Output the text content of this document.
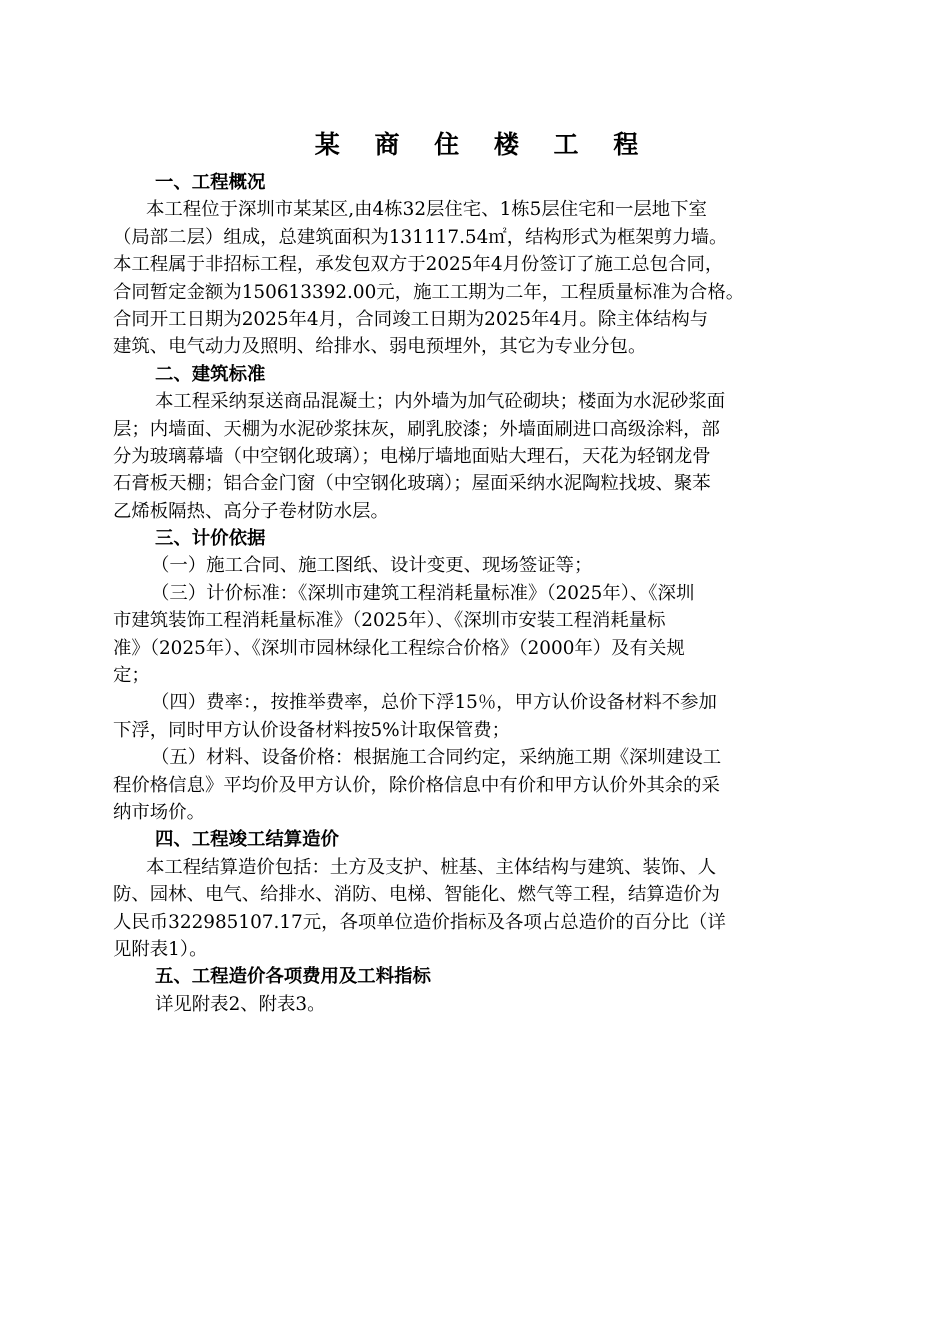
某 商 住 楼 工 程
一、工程概况
本工程位于深圳市某某区,由4栋32层住宅、1栋5层住宅和一层地下室
（局部二层）组成，总建筑面积为131117.54㎡，结构形式为框架剪力墙。
本工程属于非招标工程，承发包双方于2025年4月份签订了施工总包合同，
合同暂定金额为150613392.00元，施工工期为二年，工程质量标准为合格。
合同开工日期为2025年4月，合同竣工日期为2025年4月。除主体结构与
建筑、电气动力及照明、给排水、弱电预埋外，其它为专业分包。
二、建筑标准
本工程采纳泵送商品混凝土；内外墙为加气砼砌块；楼面为水泥砂浆面
层；内墙面、天棚为水泥砂浆抹灰，刷乳胶漆；外墙面刷进口高级涂料，部
分为玻璃幕墙（中空钢化玻璃）；电梯厅墙地面贴大理石，天花为轻钢龙骨
石膏板天棚；铝合金门窗（中空钢化玻璃）；屋面采纳水泥陶粒找坡、聚苯
乙烯板隔热、高分子卷材防水层。
三、计价依据
（一）施工合同、施工图纸、设计变更、现场签证等；
（三）计价标准：《深圳市建筑工程消耗量标准》（2025年）、《深圳
市建筑装饰工程消耗量标准》（2025年）、《深圳市安装工程消耗量标
准》（2025年）、《深圳市园林绿化工程综合价格》（2000年）及有关规
定；
（四）费率：，按推举费率，总价下浮15％，甲方认价设备材料不参加
下浮，同时甲方认价设备材料按5%计取保管费；
（五）材料、设备价格：根据施工合同约定，采纳施工期《深圳建设工
程价格信息》平均价及甲方认价，除价格信息中有价和甲方认价外其余的采
纳市场价。
四、工程竣工结算造价
本工程结算造价包括：土方及支护、桩基、主体结构与建筑、装饰、人
防、园林、电气、给排水、消防、电梯、智能化、燃气等工程，结算造价为
人民币322985107.17元，各项单位造价指标及各项占总造价的百分比（详
见附表1）。
五、工程造价各项费用及工料指标
详见附表2、附表3。
